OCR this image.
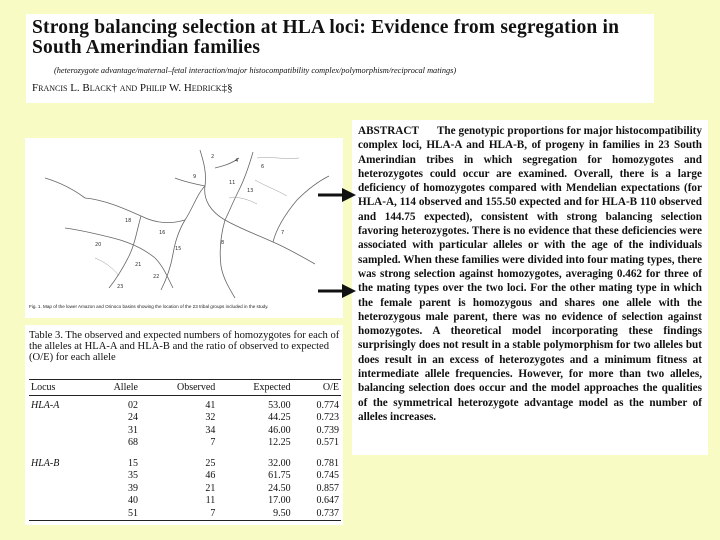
Strong balancing selection at HLA loci: Evidence from segregation in South Amerindian families
(heterozygote advantage/maternal–fetal interaction/major histocompatibility complex/polymorphism/reciprocal matings)
Francis L. Black† and Philip W. Hedrick‡§
2
4
6
9
11
13
18
16
15
20
21
22
23
8
7
Fig. 1. Map of the lower Amazon and Orinoco basins showing the location of the 23 tribal groups included in the study.
Table 3. The observed and expected numbers of homozygotes for each of the alleles at HLA-A and HLA-B and the ratio of observed to expected (O/E) for each allele
Locus	Allele	Observed	Expected	O/E
HLA-A	02	41	53.00	0.774
	24	32	44.25	0.723
	31	34	46.00	0.739
	68	7	12.25	0.571

HLA-B	15	25	32.00	0.781
	35	46	61.75	0.745
	39	21	24.50	0.857
	40	11	17.00	0.647
	51	7	9.50	0.737
ABSTRACT The genotypic proportions for major histocompatibility complex loci, HLA-A and HLA-B, of progeny in families in 23 South Amerindian tribes in which segregation for homozygotes and heterozygotes could occur are examined. Overall, there is a large deficiency of homozygotes compared with Mendelian expectations (for HLA-A, 114 observed and 155.50 expected and for HLA-B 110 observed and 144.75 expected), consistent with strong balancing selection favoring heterozygotes. There is no evidence that these deficiencies were associated with particular alleles or with the age of the individuals sampled. When these families were divided into four mating types, there was strong selection against homozygotes, averaging 0.462 for three of the mating types over the two loci. For the other mating type in which the female parent is homozygous and shares one allele with the heterozygous male parent, there was no evidence of selection against homozygotes. A theoretical model incorporating these findings surprisingly does not result in a stable polymorphism for two alleles but does result in an excess of heterozygotes and a minimum fitness at intermediate allele frequencies. However, for more than two alleles, balancing selection does occur and the model approaches the qualities of the symmetrical heterozygote advantage model as the number of alleles increases.
